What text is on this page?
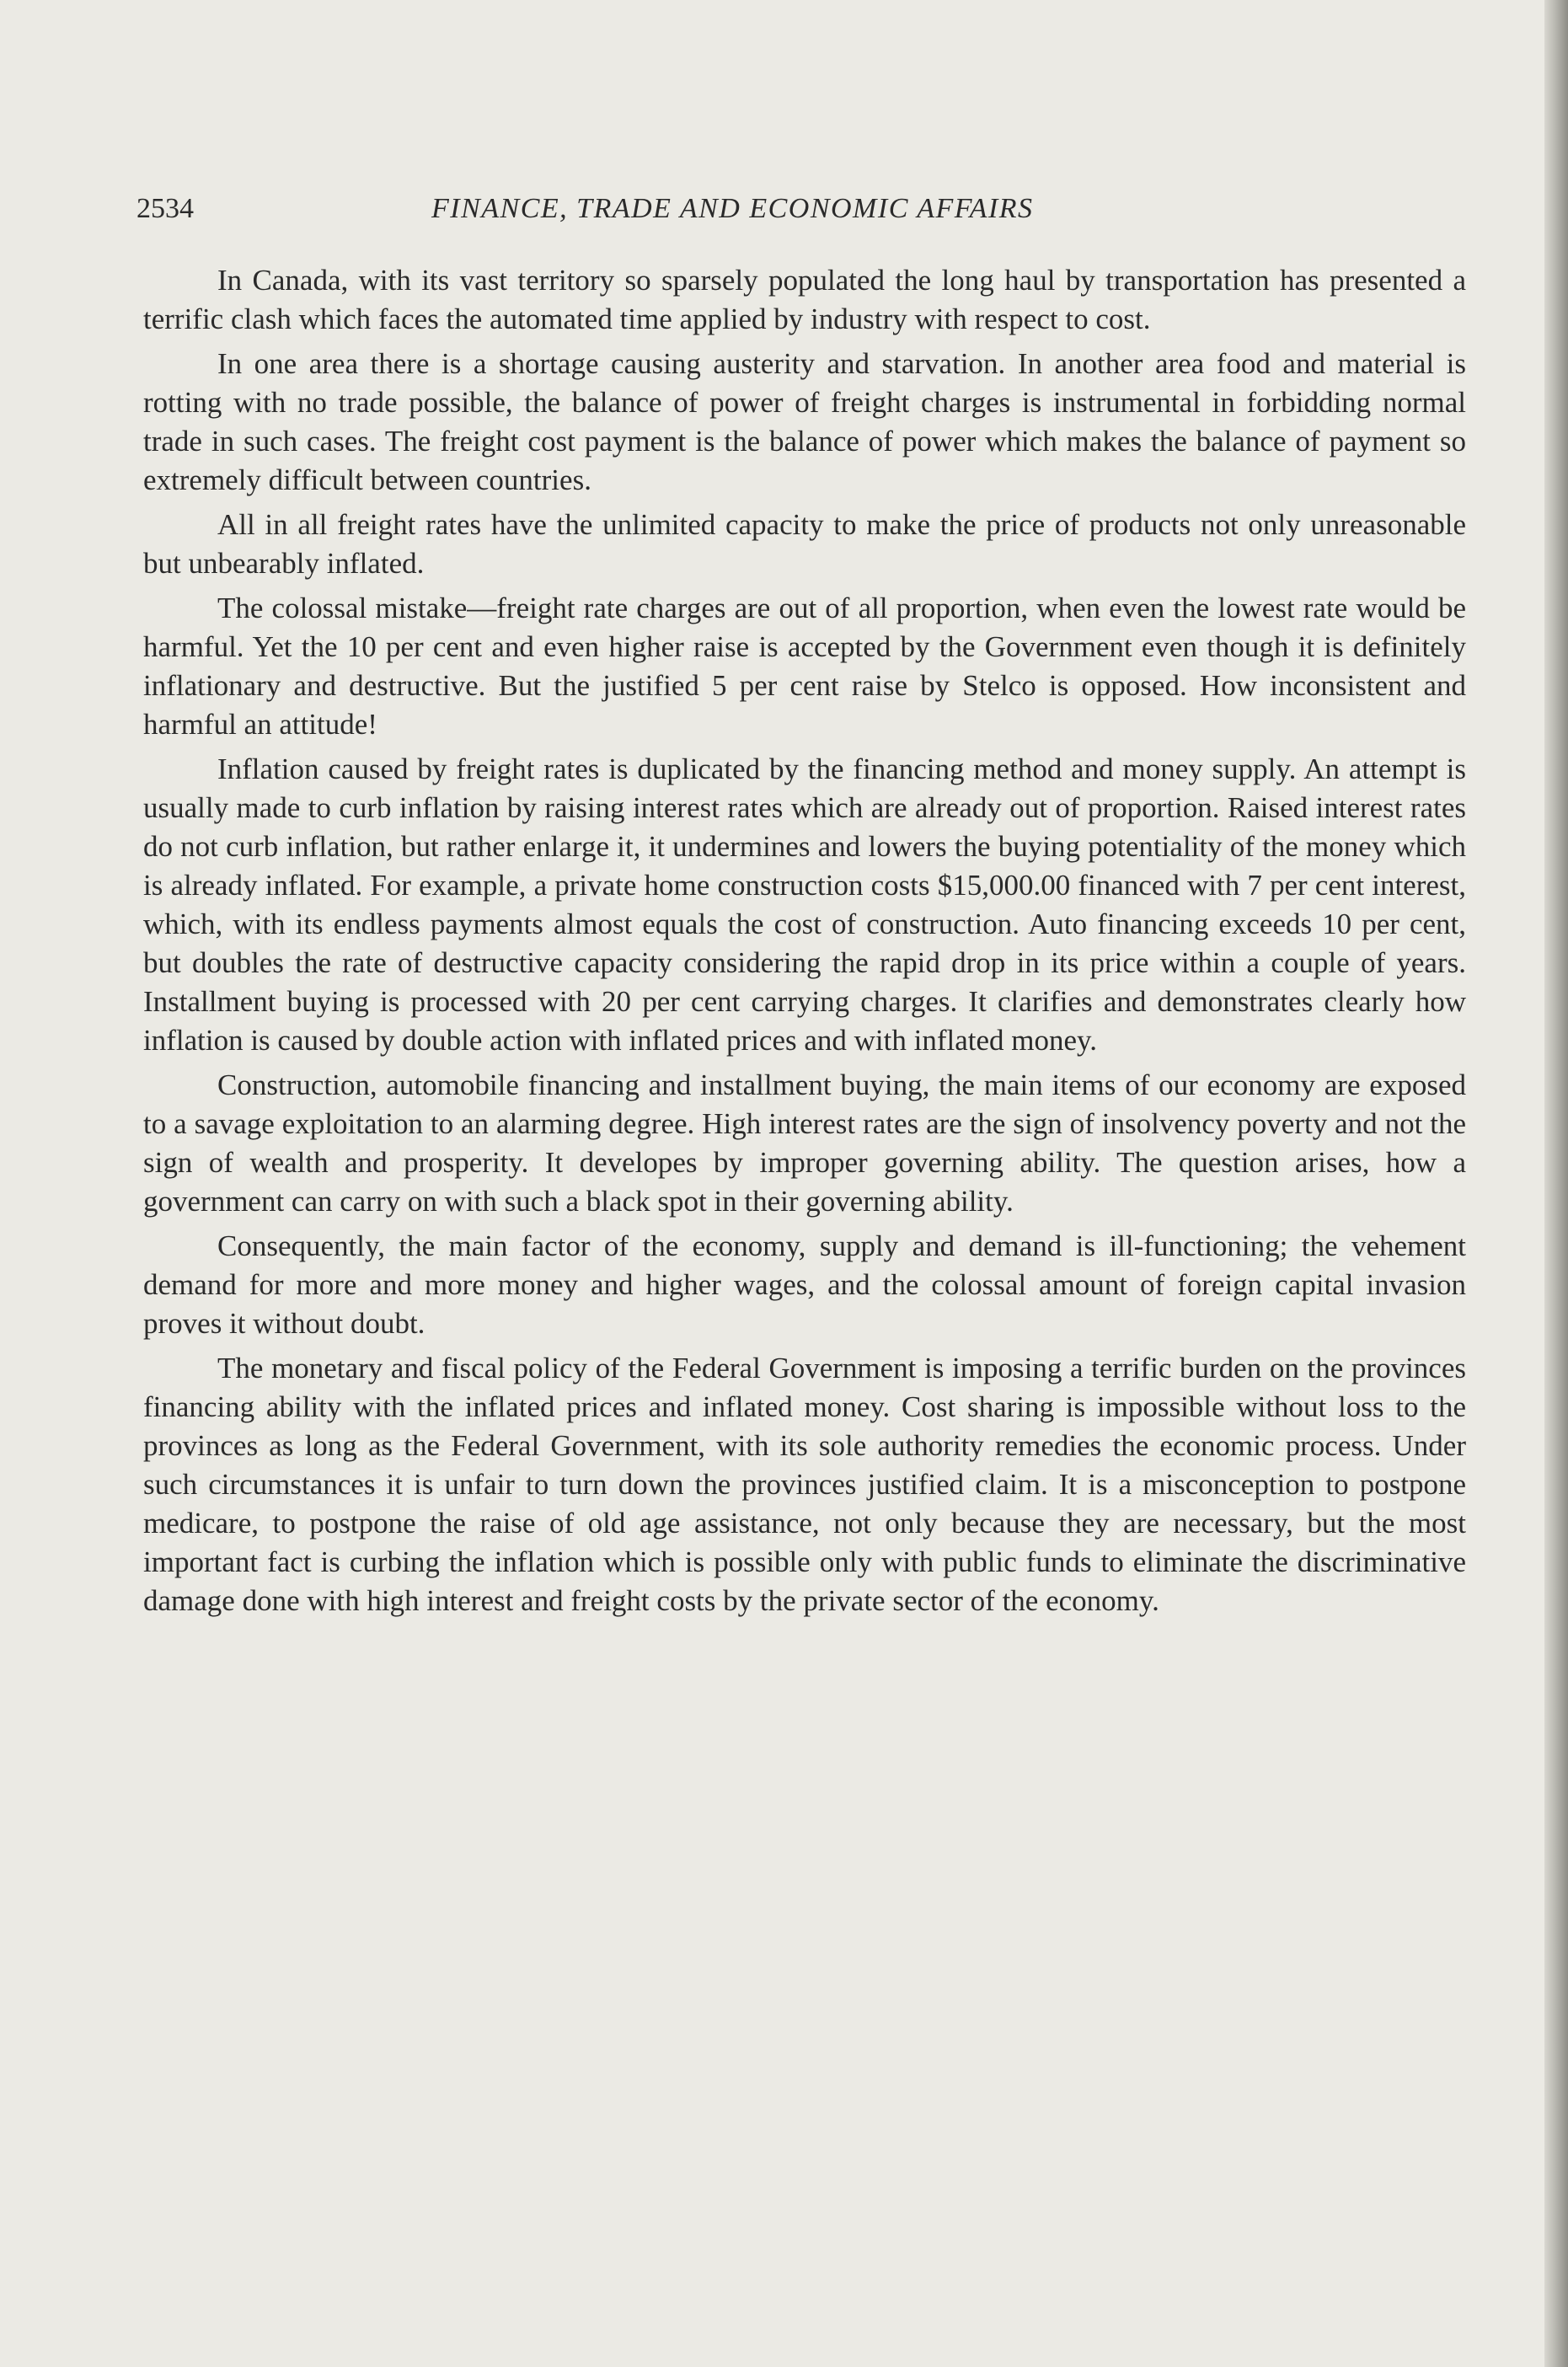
2534	FINANCE, TRADE AND ECONOMIC AFFAIRS

In Canada, with its vast territory so sparsely populated the long haul by transportation has presented a terrific clash which faces the automated time applied by industry with respect to cost.

In one area there is a shortage causing austerity and starvation. In another area food and material is rotting with no trade possible, the balance of power of freight charges is instrumental in forbidding normal trade in such cases. The freight cost payment is the balance of power which makes the balance of payment so extremely difficult between countries.

All in all freight rates have the unlimited capacity to make the price of products not only unreasonable but unbearably inflated.

The colossal mistake—freight rate charges are out of all proportion, when even the lowest rate would be harmful. Yet the 10 per cent and even higher raise is accepted by the Government even though it is definitely inflationary and destructive. But the justified 5 per cent raise by Stelco is opposed. How inconsistent and harmful an attitude!

Inflation caused by freight rates is duplicated by the financing method and money supply. An attempt is usually made to curb inflation by raising interest rates which are already out of proportion. Raised interest rates do not curb inflation, but rather enlarge it, it undermines and lowers the buying potentiality of the money which is already inflated. For example, a private home construction costs $15,000.00 financed with 7 per cent interest, which, with its endless payments almost equals the cost of construction. Auto financing exceeds 10 per cent, but doubles the rate of destructive capacity considering the rapid drop in its price within a couple of years. Installment buying is processed with 20 per cent carrying charges. It clarifies and demonstrates clearly how inflation is caused by double action with inflated prices and with inflated money.

Construction, automobile financing and installment buying, the main items of our economy are exposed to a savage exploitation to an alarming degree. High interest rates are the sign of insolvency poverty and not the sign of wealth and prosperity. It developes by improper governing ability. The question arises, how a government can carry on with such a black spot in their governing ability.

Consequently, the main factor of the economy, supply and demand is ill-functioning; the vehement demand for more and more money and higher wages, and the colossal amount of foreign capital invasion proves it without doubt.

The monetary and fiscal policy of the Federal Government is imposing a terrific burden on the provinces financing ability with the inflated prices and inflated money. Cost sharing is impossible without loss to the provinces as long as the Federal Government, with its sole authority remedies the economic process. Under such circumstances it is unfair to turn down the provinces justified claim. It is a misconception to postpone medicare, to postpone the raise of old age assistance, not only because they are necessary, but the most important fact is curbing the inflation which is possible only with public funds to eliminate the discriminative damage done with high interest and freight costs by the private sector of the economy.
